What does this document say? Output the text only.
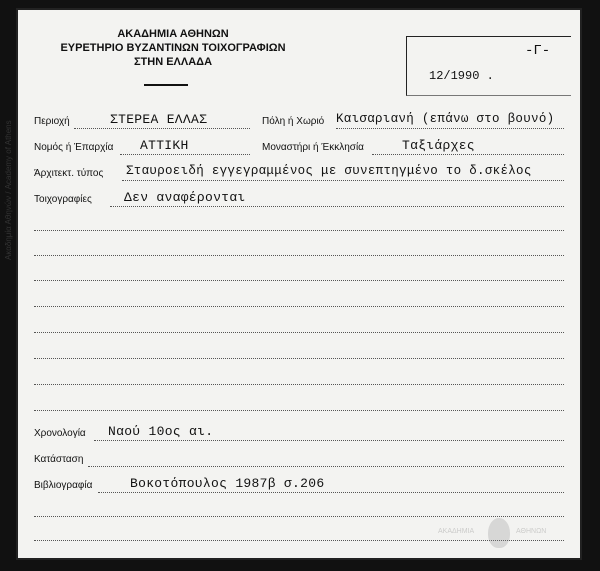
Ακαδημία Αθηνών / Academy of Athens
ΑΚΑΔΗΜΙΑ ΑΘΗΝΩΝ
ΕΥΡΕΤΗΡΙΟ ΒΥΖΑΝΤΙΝΩΝ ΤΟΙΧΟΓΡΑΦΙΩΝ
ΣΤΗΝ ΕΛΛΑΔΑ
-Γ-
12/1990 .
Περιοχή	ΣΤΕΡΕΑ ΕΛΛΑΣ	Πόλη ή Χωριό Καισαριανή (επάνω στο βουνό)
Νομός ή Έπαρχία ΑΤΤΙΚΗ	Μοναστήρι ή Έκκλησία	Ταξιάρχες
Άρχιτεκτ. τύπος Σταυροειδή εγγεγραμμένος με συνεπτηγμένο το δ.σκέλος
Τοιχογραφίες Δεν αναφέρονται
Χρονολογία Ναού 10ος αι.
Κατάσταση
Βιβλιογραφία	Βοκοτόπουλος 1987β σ.206
ΑΚΑΔΗΜΙΑ	ΑΘΗΝΩΝ
